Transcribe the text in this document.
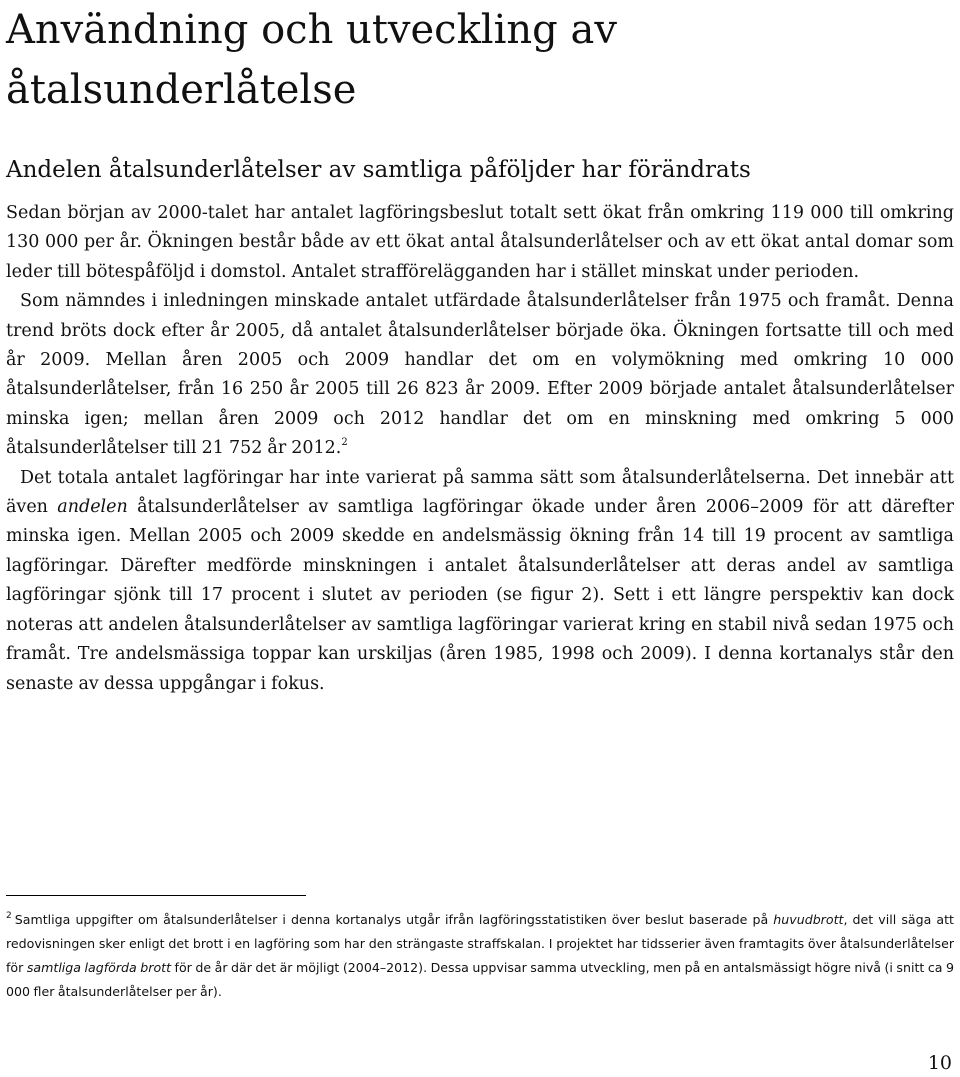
Användning och utveckling av åtalsunderlåtelse
Andelen åtalsunderlåtelser av samtliga påföljder har förändrats

Sedan början av 2000-talet har antalet lagföringsbeslut totalt sett ökat från omkring 119 000 till omkring 130 000 per år. Ökningen består både av ett ökat antal åtalsunderlåtelser och av ett ökat antal domar som leder till bötespåföljd i domstol. Antalet strafförelägganden har i stället minskat under perioden.

Som nämndes i inledningen minskade antalet utfärdade åtalsunderlåtelser från 1975 och framåt. Denna trend bröts dock efter år 2005, då antalet åtalsunderlåtelser började öka. Ökningen fortsatte till och med år 2009. Mellan åren 2005 och 2009 handlar det om en volymökning med omkring 10 000 åtalsunderlåtelser, från 16 250 år 2005 till 26 823 år 2009. Efter 2009 började antalet åtalsunderlåtelser minska igen; mellan åren 2009 och 2012 handlar det om en minskning med omkring 5 000 åtalsunderlåtelser till 21 752 år 2012.$^2$

Det totala antalet lagföringar har inte varierat på samma sätt som åtalsunderlåtelserna. Det innebär att även andelen åtalsunderlåtelser av samtliga lagföringar ökade under åren 2006–2009 för att därefter minska igen. Mellan 2005 och 2009 skedde en andelsmässig ökning från 14 till 19 procent av samtliga lagföringar. Därefter medförde minskningen i antalet åtalsunderlåtelser att deras andel av samtliga lagföringar sjönk till 17 procent i slutet av perioden (se figur 2). Sett i ett längre perspektiv kan dock noteras att andelen åtalsunderlåtelser av samtliga lagföringar varierat kring en stabil nivå sedan 1975 och framåt. Tre andelsmässiga toppar kan urskiljas (åren 1985, 1998 och 2009). I denna kortanalys står den senaste av dessa uppgångar i fokus.

$^2$ Samtliga uppgifter om åtalsunderlåtelser i denna kortanalys utgår ifrån lagföringsstatistiken över beslut baserade på huvudbrott, det vill säga att redovisningen sker enligt det brott i en lagföring som har den strängaste straffskalan. I projektet har tidsserier även framtagits över åtalsunderlåtelser för samtliga lagförda brott för de år där det är möjligt (2004–2012). Dessa uppvisar samma utveckling, men på en antalsmässigt högre nivå (i snitt ca 9 000 fler åtalsunderlåtelser per år).
10
